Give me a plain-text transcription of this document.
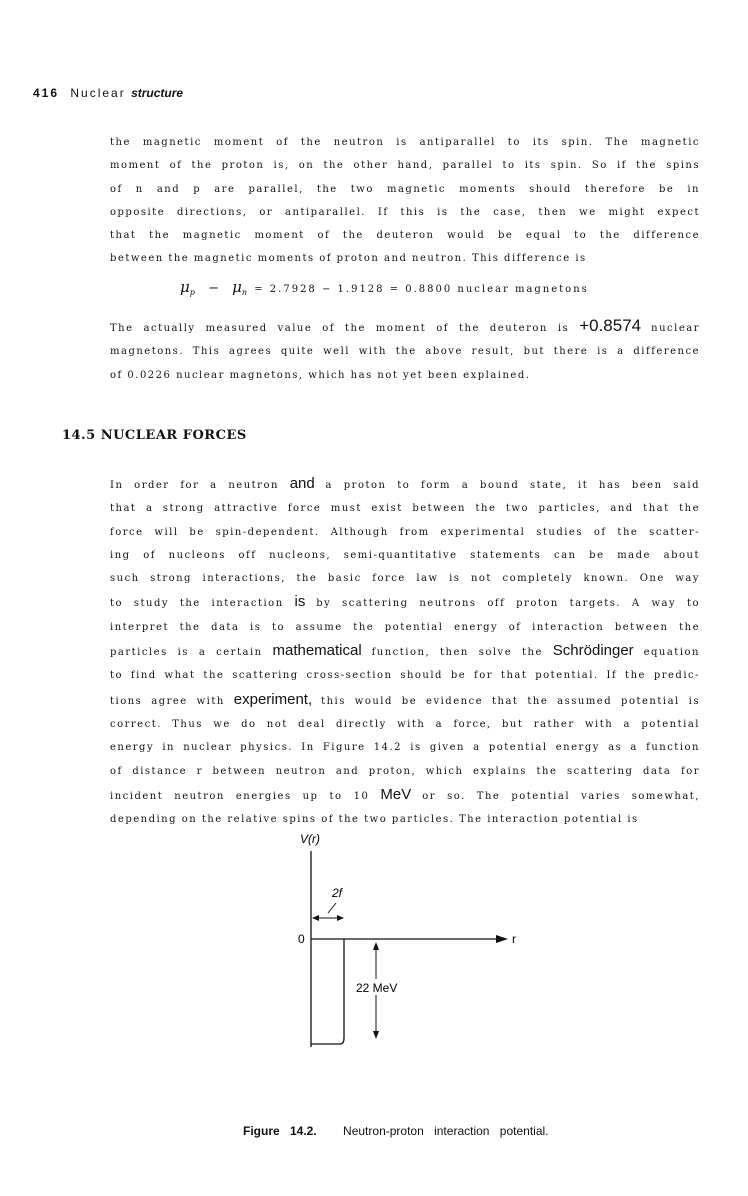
416 Nuclear structure
the magnetic moment of the neutron is antiparallel to its spin. The magnetic
moment of the proton is, on the other hand, parallel to its spin. So if the spins
of n and p are parallel, the two magnetic moments should therefore be in
opposite directions, or antiparallel. If this is the case, then we might expect
that the magnetic moment of the deuteron would be equal to the difference
between the magnetic moments of proton and neutron. This difference is
$\mu_p - \mu_n = 2.7928 - 1.9128 = 0.8800$ nuclear magnetons
The actually measured value of the moment of the deuteron is +0.8574 nuclear
magnetons. This agrees quite well with the above result, but there is a difference
of 0.0226 nuclear magnetons, which has not yet been explained.
14.5 NUCLEAR FORCES
In order for a neutron and a proton to form a bound state, it has been said
that a strong attractive force must exist between the two particles, and that the
force will be spin-dependent. Although from experimental studies of the scatter-
ing of nucleons off nucleons, semi-quantitative statements can be made about
such strong interactions, the basic force law is not completely known. One way
to study the interaction is by scattering neutrons off proton targets. A way to
interpret the data is to assume the potential energy of interaction between the
particles is a certain mathematical function, then solve the Schrödinger equation
to find what the scattering cross-section should be for that potential. If the predic-
tions agree with experiment, this would be evidence that the assumed potential is
correct. Thus we do not deal directly with a force, but rather with a potential
energy in nuclear physics. In Figure 14.2 is given a potential energy as a function
of distance r between neutron and proton, which explains the scattering data for
incident neutron energies up to 10 MeV or so. The potential varies somewhat,
depending on the relative spins of the two particles. The interaction potential is
V(r)
r
0
2f
22 MeV
Figure 14.2. Neutron-proton interaction potential.
